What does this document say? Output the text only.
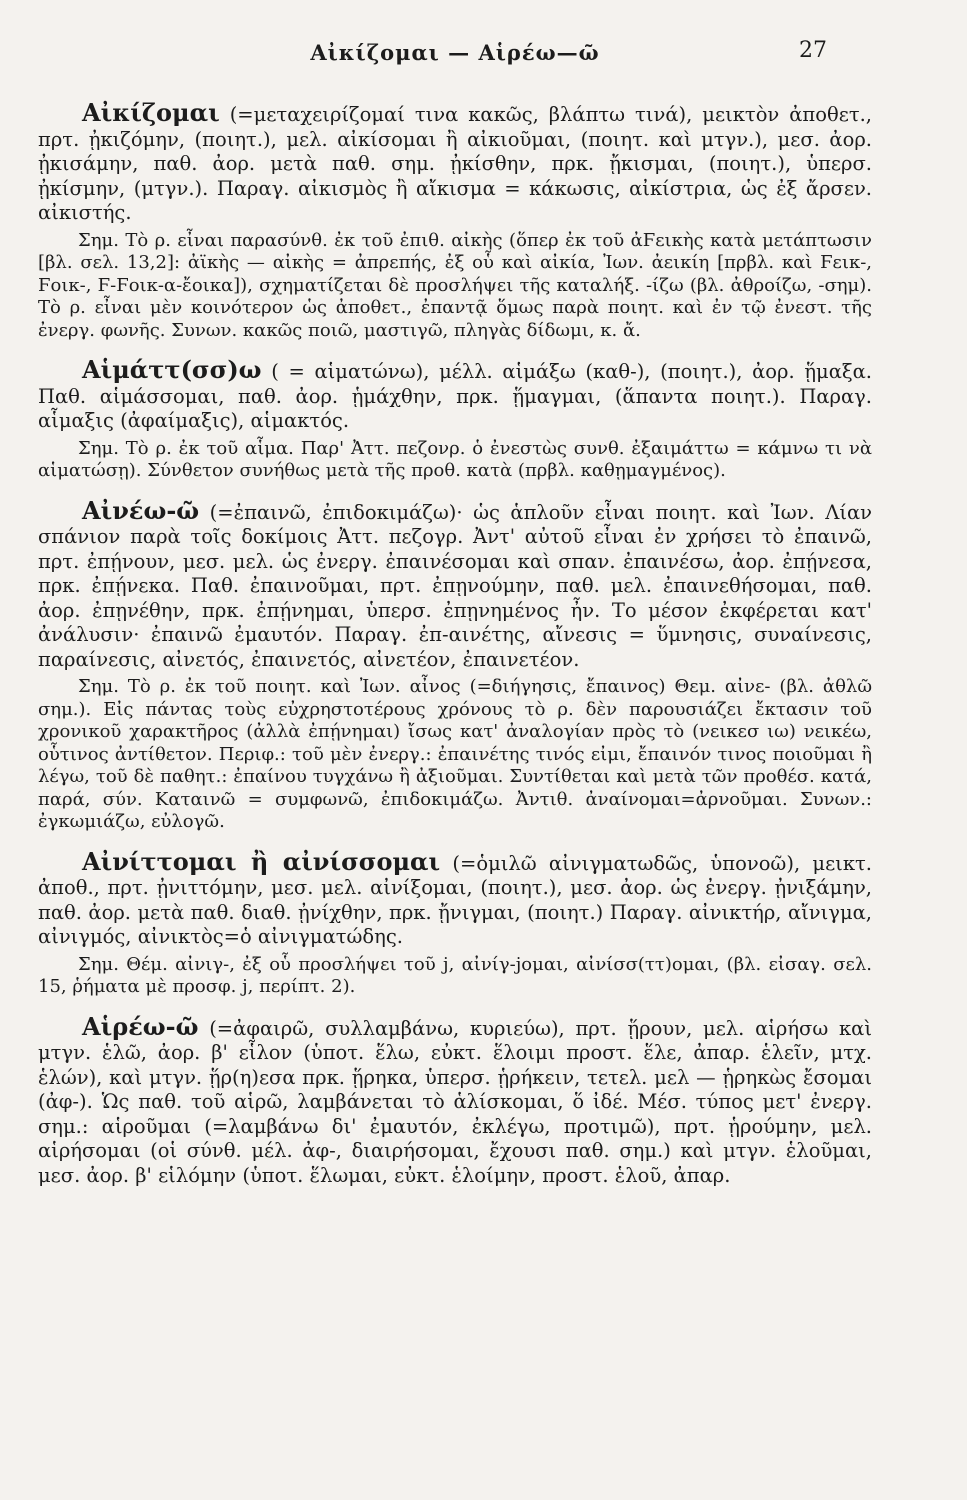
Αἰκίζομαι — Αἱρέω—ῶ	27

Αἰκίζομαι (=μεταχειρίζομαί τινα κακῶς, βλάπτω τινά), μεικτὸν ἀποθετ., πρτ. ᾐκιζόμην, (ποιητ.), μελ. αἰκίσομαι ἢ αἰκιοῦμαι, (ποιητ. καὶ μτγν.), μεσ. ἀορ. ᾐκισάμην, παθ. ἀορ. μετὰ παθ. σημ. ᾐκίσθην, πρκ. ᾔκισμαι, (ποιητ.), ὑπερσ. ᾐκίσμην, (μτγν.). Παραγ. αἰκισμὸς ἢ αἴκισμα = κάκωσις, αἰκίστρια, ὡς ἐξ ἄρσεν. αἰκιστής.

Σημ. Τὸ ρ. εἶναι παρασύνθ. ἐκ τοῦ ἐπιθ. αἰκὴς (ὅπερ ἐκ τοῦ ἀϜεικὴς κατὰ μετάπτωσιν [βλ. σελ. 13,2]: ἀϊκὴς — αἰκὴς = ἀπρεπής, ἐξ οὗ καὶ αἰκία, Ἰων. ἀεικίη [πρβλ. καὶ Ϝεικ-, Ϝοικ-, Ϝ-Ϝοικ-α-ἔοικα]), σχηματίζεται δὲ προσλήψει τῆς καταλήξ. -ίζω (βλ. ἀθροίζω, -σημ). Τὸ ρ. εἶναι μὲν κοινότερον ὡς ἀποθετ., ἐπαντᾷ ὅμως παρὰ ποιητ. καὶ ἐν τῷ ἐνεστ. τῆς ἐνεργ. φωνῆς. Συνων. κακῶς ποιῶ, μαστιγῶ, πληγὰς δίδωμι, κ. ἄ.

Αἱμάττ(σσ)ω ( = αἱματώνω), μέλλ. αἱμάξω (καθ-), (ποιητ.), ἀορ. ᾕμαξα. Παθ. αἱμάσσομαι, παθ. ἀορ. ᾑμάχθην, πρκ. ᾕμαγμαι, (ἅπαντα ποιητ.). Παραγ. αἷμαξις (ἀφαίμαξις), αἱμακτός.

Σημ. Τὸ ρ. ἐκ τοῦ αἷμα. Παρ' Ἀττ. πεζονρ. ὁ ἐνεστὼς συνθ. ἐξαιμάττω = κάμνω τι νὰ αἱματώσῃ). Σύνθετον συνήθως μετὰ τῆς προθ. κατὰ (πρβλ. καθῃμαγμένος).

Αἰνέω-ῶ (=ἐπαινῶ, ἐπιδοκιμάζω)· ὡς ἁπλοῦν εἶναι ποιητ. καὶ Ἰων. Λίαν σπάνιον παρὰ τοῖς δοκίμοις Ἀττ. πεζογρ. Ἀντ' αὐτοῦ εἶναι ἐν χρήσει τὸ ἐπαινῶ, πρτ. ἐπῄνουν, μεσ. μελ. ὡς ἐνεργ. ἐπαινέσομαι καὶ σπαν. ἐπαινέσω, ἀορ. ἐπῄνεσα, πρκ. ἐπῄνεκα. Παθ. ἐπαινοῦμαι, πρτ. ἐπῃνούμην, παθ. μελ. ἐπαινεθήσομαι, παθ. ἀορ. ἐπῃνέθην, πρκ. ἐπῄνημαι, ὑπερσ. ἐπῃνημένος ἦν. Το μέσον ἐκφέρεται κατ' ἀνάλυσιν· ἐπαινῶ ἐμαυτόν. Παραγ. ἐπ-αινέτης, αἴνεσις = ὕμνησις, συναίνεσις, παραίνεσις, αἰνετός, ἐπαινετός, αἰνετέον, ἐπαινετέον.

Σημ. Τὸ ρ. ἐκ τοῦ ποιητ. καὶ Ἰων. αἶνος (=διήγησις, ἔπαινος) Θεμ. αἰνε- (βλ. ἀθλῶ σημ.). Εἰς πάντας τοὺς εὐχρηστοτέρους χρόνους τὸ ρ. δὲν παρουσιάζει ἔκτασιν τοῦ χρονικοῦ χαρακτῆρος (ἀλλὰ ἐπῄνημαι) ἴσως κατ' ἀναλογίαν πρὸς τὸ (νεικεσ ιω) νεικέω, οὗτινος ἀντίθετον. Περιφ.: τοῦ μὲν ἐνεργ.: ἐπαινέτης τινός εἰμι, ἔπαινόν τινος ποιοῦμαι ἢ λέγω, τοῦ δὲ παθητ.: ἐπαίνου τυγχάνω ἢ ἀξιοῦμαι. Συντίθεται καὶ μετὰ τῶν προθέσ. κατά, παρά, σύν. Καταινῶ = συμφωνῶ, ἐπιδοκιμάζω. Ἀντιθ. ἀναίνομαι=ἀρνοῦμαι. Συνων.: ἐγκωμιάζω, εὐλογῶ.

Αἰνίττομαι ἢ αἰνίσσομαι (=ὁμιλῶ αἰνιγματωδῶς, ὑπονοῶ), μεικτ. ἀποθ., πρτ. ᾐνιττόμην, μεσ. μελ. αἰνίξομαι, (ποιητ.), μεσ. ἀορ. ὡς ἐνεργ. ᾐνιξάμην, παθ. ἀορ. μετὰ παθ. διαθ. ᾐνίχθην, πρκ. ᾔνιγμαι, (ποιητ.) Παραγ. αἰνικτήρ, αἴνιγμα, αἰνιγμός, αἰνικτὸς=ὁ αἰνιγματώδης.

Σημ. Θέμ. αἰνιγ-, ἐξ οὗ προσλήψει τοῦ j, αἰνίγ-jομαι, αἰνίσσ(ττ)ομαι, (βλ. εἰσαγ. σελ. 15, ῥήματα μὲ προσφ. j, περίπτ. 2).

Αἱρέω-ῶ (=ἀφαιρῶ, συλλαμβάνω, κυριεύω), πρτ. ᾕρουν, μελ. αἱρήσω καὶ μτγν. ἑλῶ, ἀορ. β' εἷλον (ὑποτ. ἕλω, εὐκτ. ἕλοιμι προστ. ἕλε, ἀπαρ. ἑλεῖν, μτχ. ἑλών), καὶ μτγν. ᾕρ(η)εσα πρκ. ᾕρηκα, ὑπερσ. ᾑρήκειν, τετελ. μελ — ᾑρηκὼς ἔσομαι (ἀφ-). Ὡς παθ. τοῦ αἱρῶ, λαμβάνεται τὸ ἁλίσκομαι, ὅ ἰδέ. Μέσ. τύπος μετ' ἐνεργ. σημ.: αἱροῦμαι (=λαμβάνω δι' ἐμαυτόν, ἐκλέγω, προτιμῶ), πρτ. ᾑρούμην, μελ. αἱρήσομαι (οἱ σύνθ. μέλ. ἀφ-, διαιρήσομαι, ἔχουσι παθ. σημ.) καὶ μτγν. ἑλοῦμαι, μεσ. ἀορ. β' εἱλόμην (ὑποτ. ἕλωμαι, εὐκτ. ἑλοίμην, προστ. ἑλοῦ, ἀπαρ.
